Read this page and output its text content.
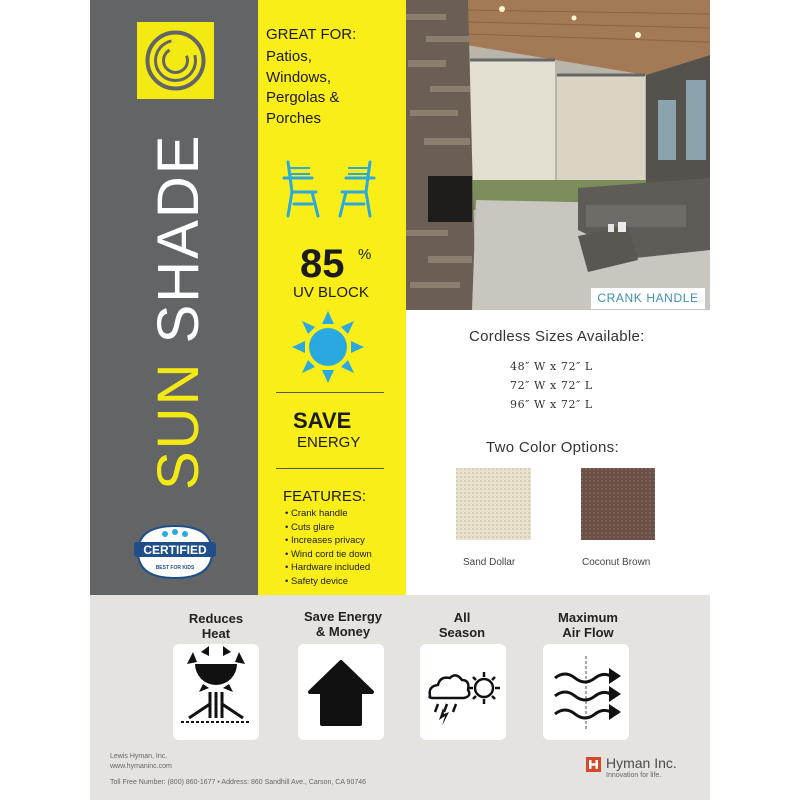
SUN SHADE
CERTIFIED
BEST FOR KIDS
GREAT FOR:
Patios,
Windows,
Pergolas &
Porches
85 %
UV BLOCK
SAVE
ENERGY
FEATURES:
• Crank handle
• Cuts glare
• Increases privacy
• Wind cord tie down
• Hardware included
• Safety device
CRANK HANDLE
Cordless Sizes Available:
48″ W x 72″ L
72″ W x 72″ L
96″ W x 72″ L
Two Color Options:
Sand Dollar	Coconut Brown
Reduces
Heat
Save Energy
& Money
All
Season
Maximum
Air Flow
Lewis Hyman, Inc.
www.hymaninc.com
Toll Free Number: (800) 860-1677 • Address: 860 Sandhill Ave., Carson, CA 90746
Hyman Inc.
Innovation for life.
